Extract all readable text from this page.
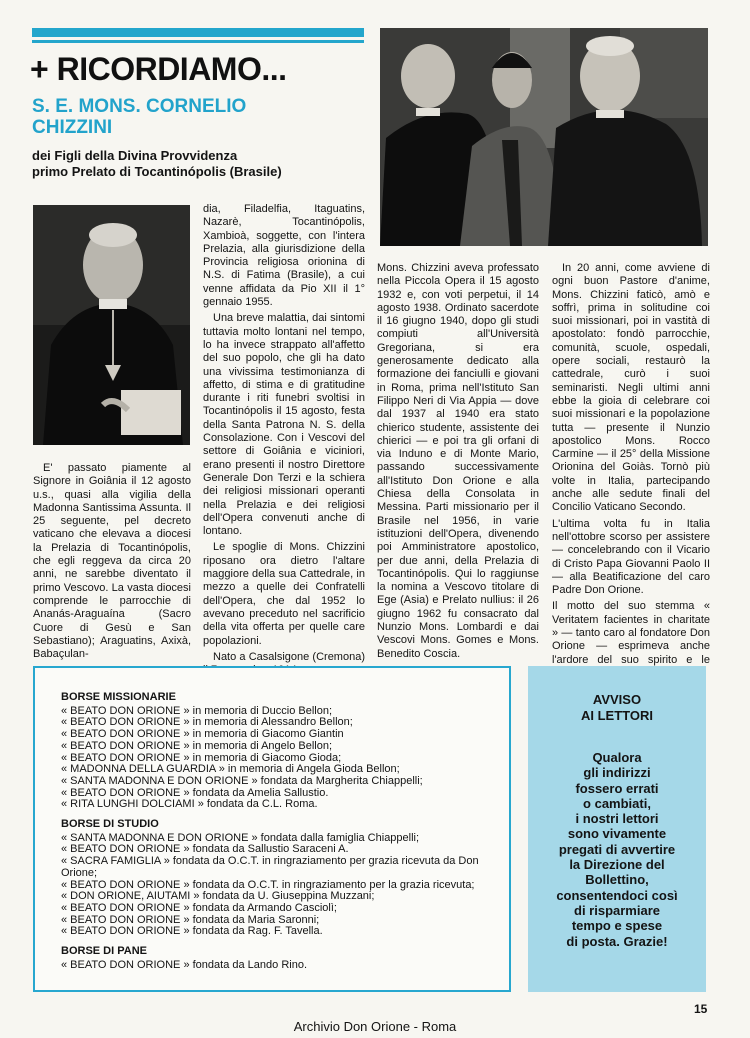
+ RICORDIAMO...
S. E. MONS. CORNELIO
CHIZZINI
dei Figli della Divina Provvidenza
primo Prelato di Tocantinópolis (Brasile)

E' passato piamente al Signore in Goiânia il 12 agosto u.s., quasi alla vigilia della Madonna Santissima Assunta. Il 25 seguente, pel decreto vaticano che elevava a diocesi la Prelazia di Tocantinópolis, che egli reggeva da circa 20 anni, ne sarebbe diventato il primo Vescovo. La vasta diocesi comprende le parrocchie di Ananás-Araguaína (Sacro Cuore di Gesù e San Sebastiano); Araguatins, Axixà, Babaçulan-

dia, Filadelfia, Itaguatins, Nazarè, Tocantinópolis, Xambioà, soggette, con l'intera Prelazia, alla giurisdizione della Provincia religiosa orionina di N.S. di Fatima (Brasile), a cui venne affidata da Pio XII il 1° gennaio 1955.

Una breve malattia, dai sintomi tuttavia molto lontani nel tempo, lo ha invece strappato all'affetto del suo popolo, che gli ha dato una vivissima testimonianza di affetto, di stima e di gratitudine durante i riti funebri svoltisi in Tocantinópolis il 15 agosto, festa della Santa Patrona N. S. della Consolazione. Con i Vescovi del settore di Goiânia e viciniori, erano presenti il nostro Direttore Generale Don Terzi e la schiera dei religiosi missionari operanti nella Prelazia e dei religiosi dell'Opera convenuti anche di lontano.

Le spoglie di Mons. Chizzini riposano ora dietro l'altare maggiore della sua Cattedrale, in mezzo a quelle dei Confratelli dell'Opera, che dal 1952 lo avevano preceduto nel sacrificio della vita offerta per quelle care popolazioni.

Nato a Casalsigone (Cremona)

Mons. Chizzini aveva professato nella Piccola Opera il 15 agosto 1932 e, con voti perpetui, il 14 agosto 1938. Ordinato sacerdote il 16 giugno 1940, dopo gli studi compiuti all'Università Gregoriana, si era generosamente dedicato alla formazione dei fanciulli e giovani in Roma, prima nell'Istituto San Filippo Neri di Via Appia — dove dal 1937 al 1940 era stato chierico studente, assistente dei chierici — e poi tra gli orfani di via Induno e di Monte Mario, passando successivamente all'Istituto Don Orione e alla Chiesa della Consolata in Messina. Parti missionario per il Brasile nel 1956, in varie istituzioni dell'Opera, divenendo poi Amministratore apostolico, per due anni, della Prelazia di Tocantinópolis. Qui lo raggiunse la nomina a Vescovo titolare di Ege (Asia) e Prelato nullius: il 26 giugno 1962 fu consacrato dal Nunzio Mons. Lombardi e dai Vescovi Mons. Gomes e Mons. Benedito Coscia.

In 20 anni, come avviene di ogni buon Pastore d'anime, Mons. Chizzini faticò, amò e soffrì, prima in solitudine coi suoi missionari, poi in vastità di apostolato: fondò parrocchie, comunità, scuole, ospedali, opere sociali, restaurò la cattedrale, curò i suoi seminaristi. Negli ultimi anni ebbe la gioia di celebrare coi suoi missionari e la popolazione tutta — presente il Nunzio apostolico Mons. Rocco Carmine — il 25° della Missione Orionina del Goiàs. Tornò più volte in Italia, partecipando anche alle sedute finali del Concilio Vaticano Secondo.

L'ultima volta fu in Italia nell'ottobre scorso per assistere — concelebrando con il Vicario di Cristo Papa Giovanni Paolo II — alla Beatificazione del caro Padre Don Orione.

Il motto del suo stemma « Veritatem facientes in charitate » — tanto caro al fondatore Don Orione — esprimeva anche l'ardore del suo spirito e le

BORSE MISSIONARIE
« BEATO DON ORIONE » in memoria di Duccio Bellon;
« BEATO DON ORIONE » in memoria di Alessandro Bellon;
« BEATO DON ORIONE » in memoria di Giacomo Giantin
« BEATO DON ORIONE » in memoria di Angelo Bellon;
« BEATO DON ORIONE » in memoria di Giacomo Gioda;
« MADONNA DELLA GUARDIA » in memoria di Angela Gioda Bellon;
« SANTA MADONNA E DON ORIONE » fondata da Margherita Chiappelli;
« BEATO DON ORIONE » fondata da Amelia Sallustio.
« RITA LUNGHI DOLCIAMI » fondata da C.L. Roma.
BORSE DI STUDIO
« SANTA MADONNA E DON ORIONE » fondata dalla famiglia Chiappelli;
« BEATO DON ORIONE » fondata da Sallustio Saraceni A.
« SACRA FAMIGLIA » fondata da O.C.T. in ringraziamento per grazia ricevuta da Don Orione;
« BEATO DON ORIONE » fondata da O.C.T. in ringraziamento per la grazia ricevuta;
« DON ORIONE, AIUTAMI » fondata da U. Giuseppina Muzzani;
« BEATO DON ORIONE » fondata da Armando Casciolì;
« BEATO DON ORIONE » fondata da Maria Saronni;
« BEATO DON ORIONE » fondata da Rag. F. Tavella.
BORSE DI PANE
« BEATO DON ORIONE » fondata da Lando Rino.
AVVISO
AI LETTORI
Qualora
gli indirizzi
fossero errati
o cambiati,
i nostri lettori
sono vivamente
pregati di avvertire
la Direzione del
Bollettino,
consentendoci così
di risparmiare
tempo e spese
di posta. Grazie!
15
Archivio Don Orione - Roma
